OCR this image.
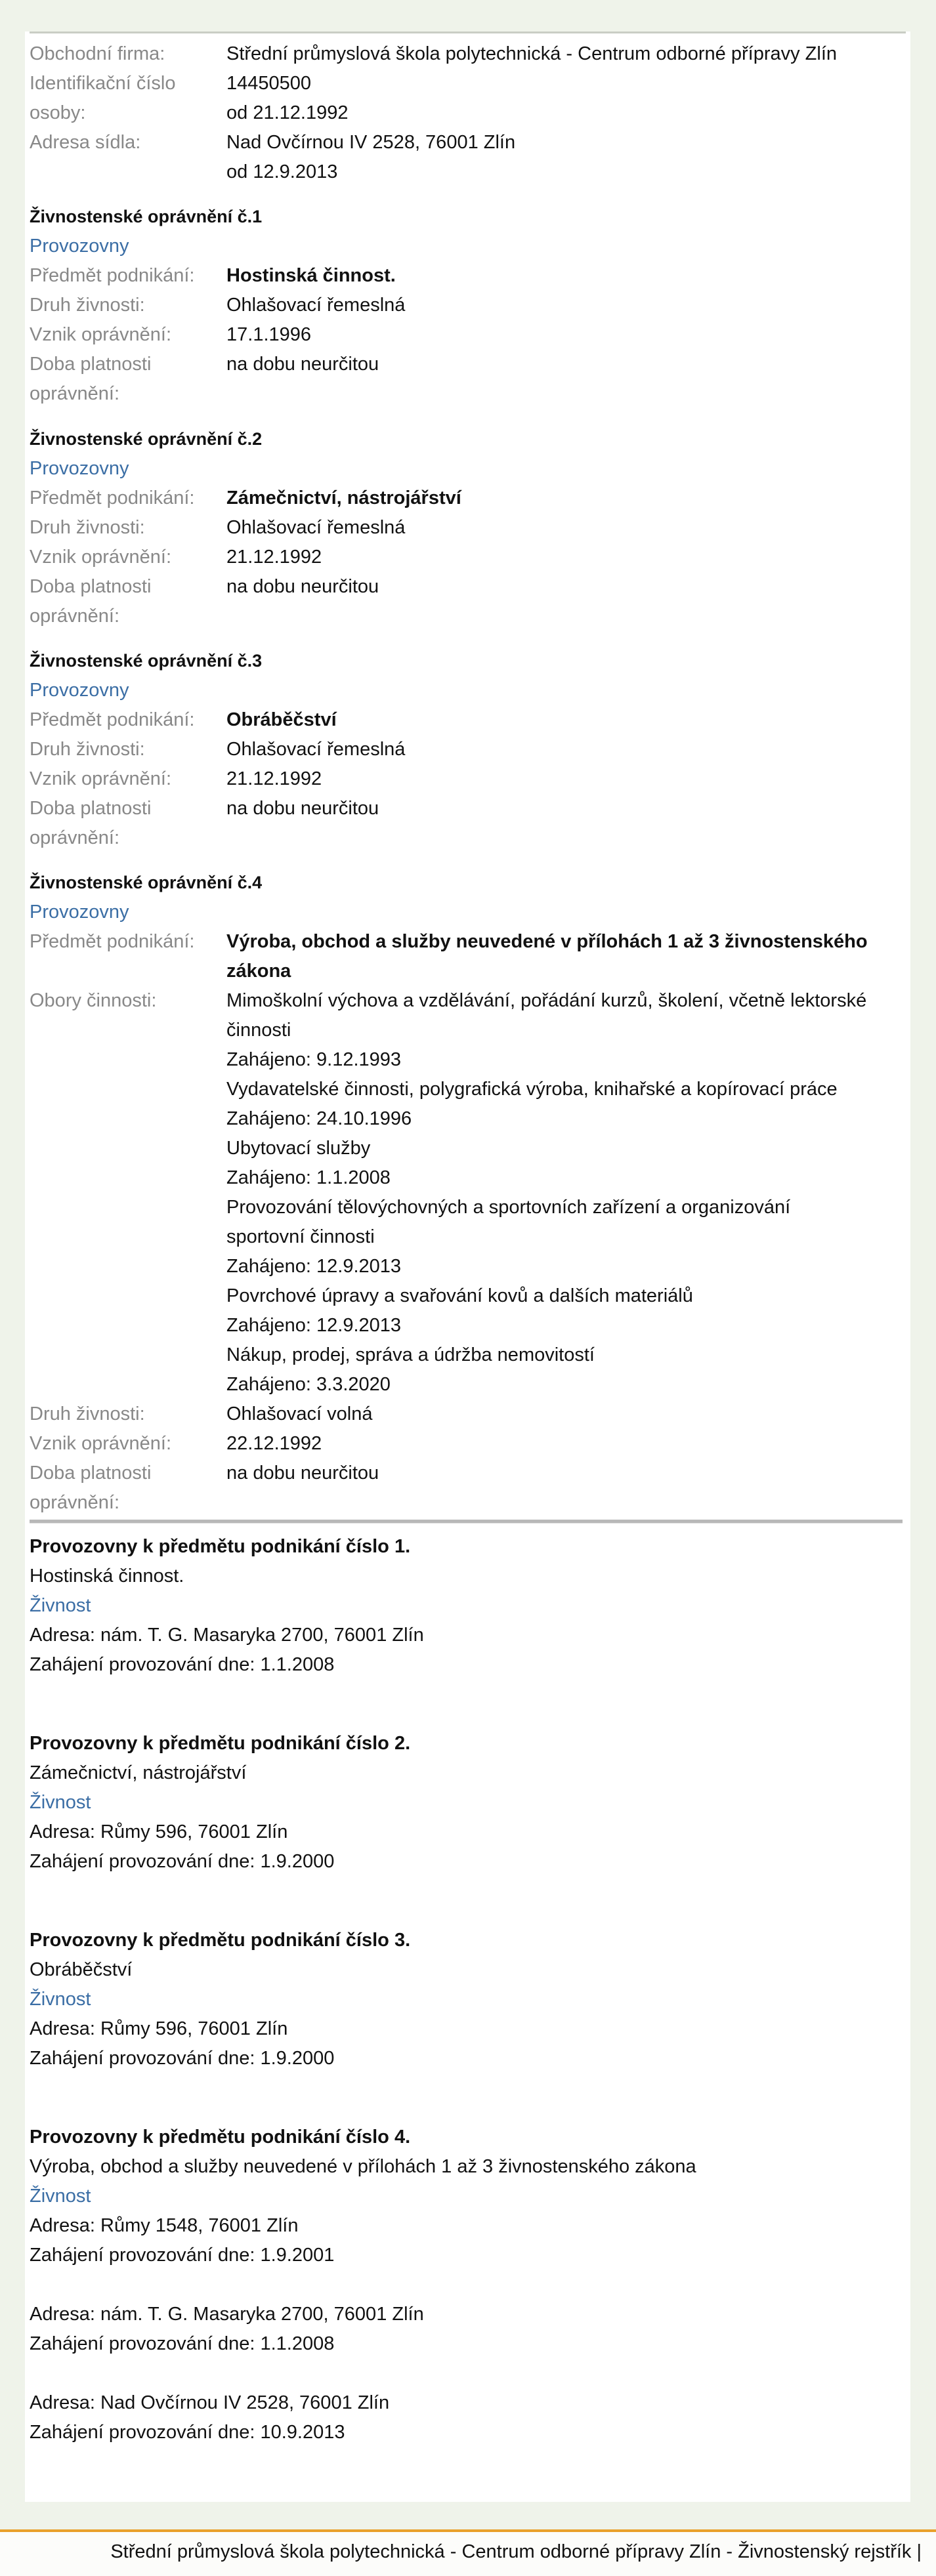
Obchodní firma:	Střední průmyslová škola polytechnická - Centrum odborné přípravy Zlín
Identifikační číslo	14450500
osoby:	od 21.12.1992
Adresa sídla:	Nad Ovčírnou IV 2528, 76001 Zlín
od 12.9.2013
Živnostenské oprávnění č.1
Provozovny
Předmět podnikání:	Hostinská činnost.
Druh živnosti:	Ohlašovací řemeslná
Vznik oprávnění:	17.1.1996
Doba platnosti	na dobu neurčitou
oprávnění:
Živnostenské oprávnění č.2
Provozovny
Předmět podnikání:	Zámečnictví, nástrojářství
Druh živnosti:	Ohlašovací řemeslná
Vznik oprávnění:	21.12.1992
Doba platnosti	na dobu neurčitou
oprávnění:
Živnostenské oprávnění č.3
Provozovny
Předmět podnikání:	Obráběčství
Druh živnosti:	Ohlašovací řemeslná
Vznik oprávnění:	21.12.1992
Doba platnosti	na dobu neurčitou
oprávnění:
Živnostenské oprávnění č.4
Provozovny
Předmět podnikání:	Výroba, obchod a služby neuvedené v přílohách 1 až 3 živnostenského
zákona
Obory činnosti:	Mimoškolní výchova a vzdělávání, pořádání kurzů, školení, včetně lektorské
činnosti
Zahájeno: 9.12.1993
Vydavatelské činnosti, polygrafická výroba, knihařské a kopírovací práce
Zahájeno: 24.10.1996
Ubytovací služby
Zahájeno: 1.1.2008
Provozování tělovýchovných a sportovních zařízení a organizování
sportovní činnosti
Zahájeno: 12.9.2013
Povrchové úpravy a svařování kovů a dalších materiálů
Zahájeno: 12.9.2013
Nákup, prodej, správa a údržba nemovitostí
Zahájeno: 3.3.2020
Druh živnosti:	Ohlašovací volná
Vznik oprávnění:	22.12.1992
Doba platnosti	na dobu neurčitou
oprávnění:
Provozovny k předmětu podnikání číslo 1.
Hostinská činnost.
Živnost
Adresa: nám. T. G. Masaryka 2700, 76001 Zlín
Zahájení provozování dne: 1.1.2008
Provozovny k předmětu podnikání číslo 2.
Zámečnictví, nástrojářství
Živnost
Adresa: Růmy 596, 76001 Zlín
Zahájení provozování dne: 1.9.2000
Provozovny k předmětu podnikání číslo 3.
Obráběčství
Živnost
Adresa: Růmy 596, 76001 Zlín
Zahájení provozování dne: 1.9.2000
Provozovny k předmětu podnikání číslo 4.
Výroba, obchod a služby neuvedené v přílohách 1 až 3 živnostenského zákona
Živnost
Adresa: Růmy 1548, 76001 Zlín
Zahájení provozování dne: 1.9.2001
Adresa: nám. T. G. Masaryka 2700, 76001 Zlín
Zahájení provozování dne: 1.1.2008
Adresa: Nad Ovčírnou IV 2528, 76001 Zlín
Zahájení provozování dne: 10.9.2013
Střední průmyslová škola polytechnická - Centrum odborné přípravy Zlín - Živnostenský rejstřík |
